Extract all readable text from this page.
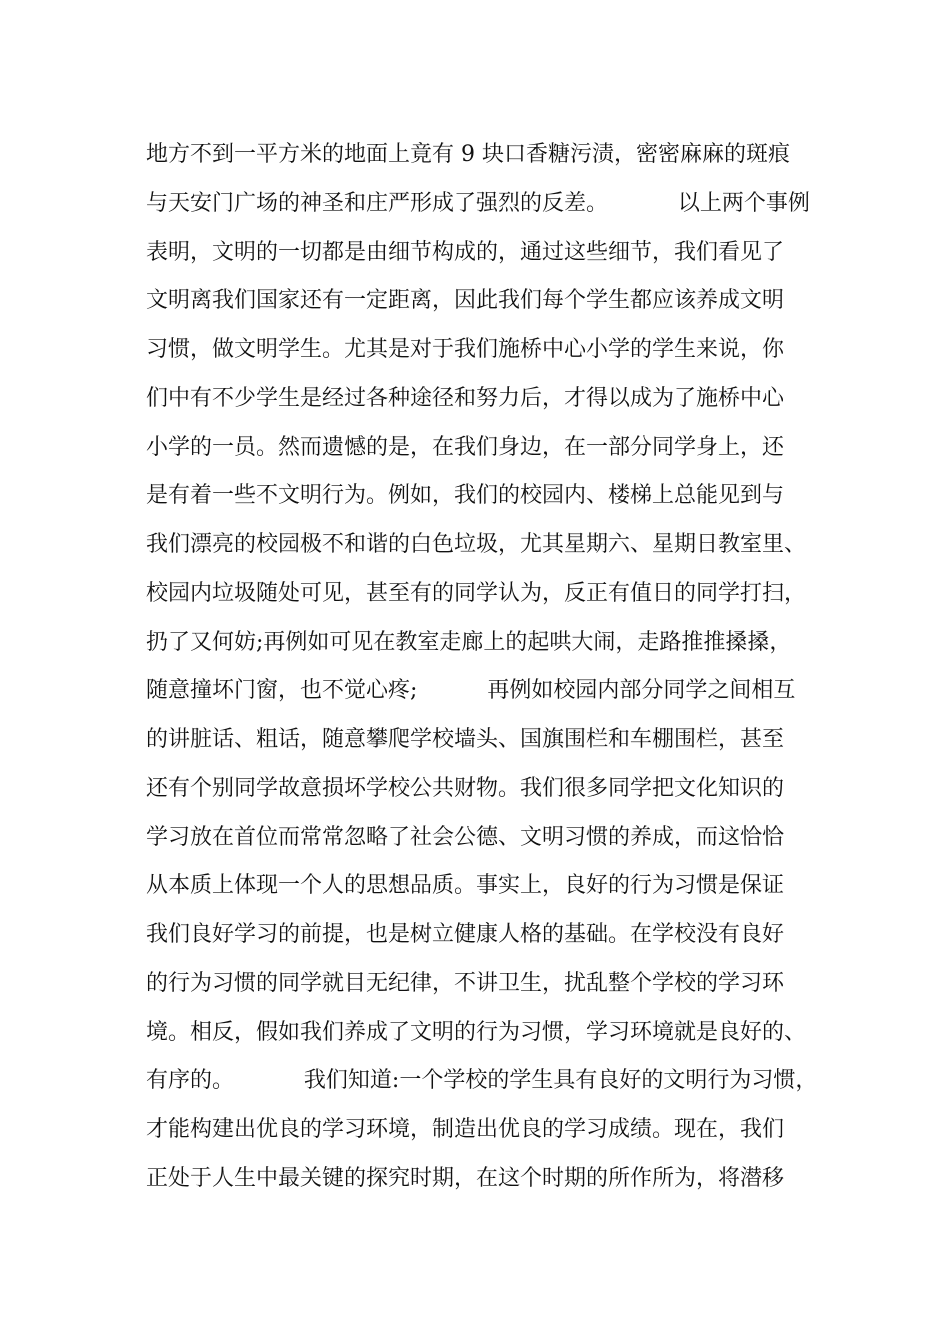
地方不到一平方米的地面上竟有 9 块口香糖污渍，密密麻麻的斑痕
与天安门广场的神圣和庄严形成了强烈的反差。          以上两个事例
表明，文明的一切都是由细节构成的，通过这些细节，我们看见了
文明离我们国家还有一定距离，因此我们每个学生都应该养成文明
习惯，做文明学生。尤其是对于我们施桥中心小学的学生来说，你
们中有不少学生是经过各种途径和努力后，才得以成为了施桥中心
小学的一员。然而遗憾的是，在我们身边，在一部分同学身上，还
是有着一些不文明行为。例如，我们的校园内、楼梯上总能见到与
我们漂亮的校园极不和谐的白色垃圾，尤其星期六、星期日教室里、
校园内垃圾随处可见，甚至有的同学认为，反正有值日的同学打扫，
扔了又何妨;再例如可见在教室走廊上的起哄大闹，走路推推搡搡，
随意撞坏门窗，也不觉心疼;          再例如校园内部分同学之间相互
的讲脏话、粗话，随意攀爬学校墙头、国旗围栏和车棚围栏，甚至
还有个别同学故意损坏学校公共财物。我们很多同学把文化知识的
学习放在首位而常常忽略了社会公德、文明习惯的养成，而这恰恰
从本质上体现一个人的思想品质。事实上，良好的行为习惯是保证
我们良好学习的前提，也是树立健康人格的基础。在学校没有良好
的行为习惯的同学就目无纪律，不讲卫生，扰乱整个学校的学习环
境。相反，假如我们养成了文明的行为习惯，学习环境就是良好的、
有序的。          我们知道:一个学校的学生具有良好的文明行为习惯，
才能构建出优良的学习环境，制造出优良的学习成绩。现在，我们
正处于人生中最关键的探究时期，在这个时期的所作所为，将潜移
